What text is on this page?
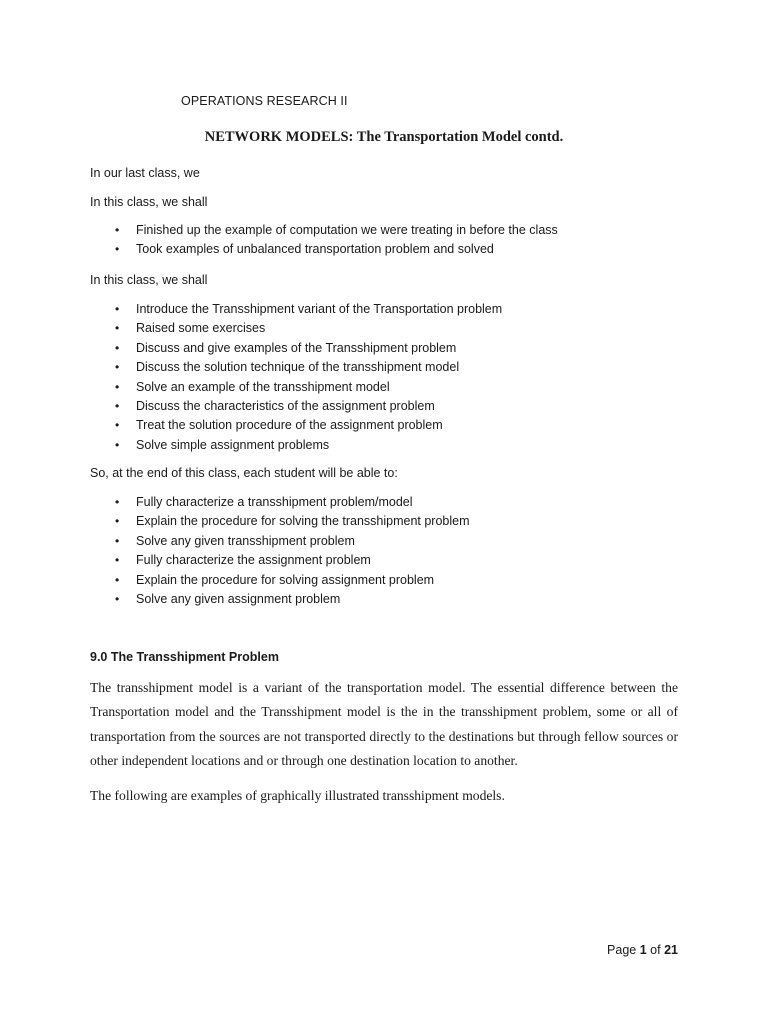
OPERATIONS RESEARCH II
NETWORK MODELS: The Transportation Model contd.
In our last class, we
In this class, we shall
• Finished up the example of computation we were treating in before the class
• Took examples of unbalanced transportation problem and solved
In this class, we shall
• Introduce the Transshipment variant of the Transportation problem
• Raised some exercises
• Discuss and give examples of the Transshipment problem
• Discuss the solution technique of the transshipment model
• Solve an example of the transshipment model
• Discuss the characteristics of the assignment problem
• Treat the solution procedure of the assignment problem
• Solve simple assignment problems
So, at the end of this class, each student will be able to:
• Fully characterize a transshipment problem/model
• Explain the procedure for solving the transshipment problem
• Solve any given transshipment problem
• Fully characterize the assignment problem
• Explain the procedure for solving assignment problem
• Solve any given assignment problem
9.0 The Transshipment Problem

The transshipment model is a variant of the transportation model. The essential difference between the Transportation model and the Transshipment model is the in the transshipment problem, some or all of transportation from the sources are not transported directly to the destinations but through fellow sources or other independent locations and or through one destination location to another.

The following are examples of graphically illustrated transshipment models.

Page 1 of 21
